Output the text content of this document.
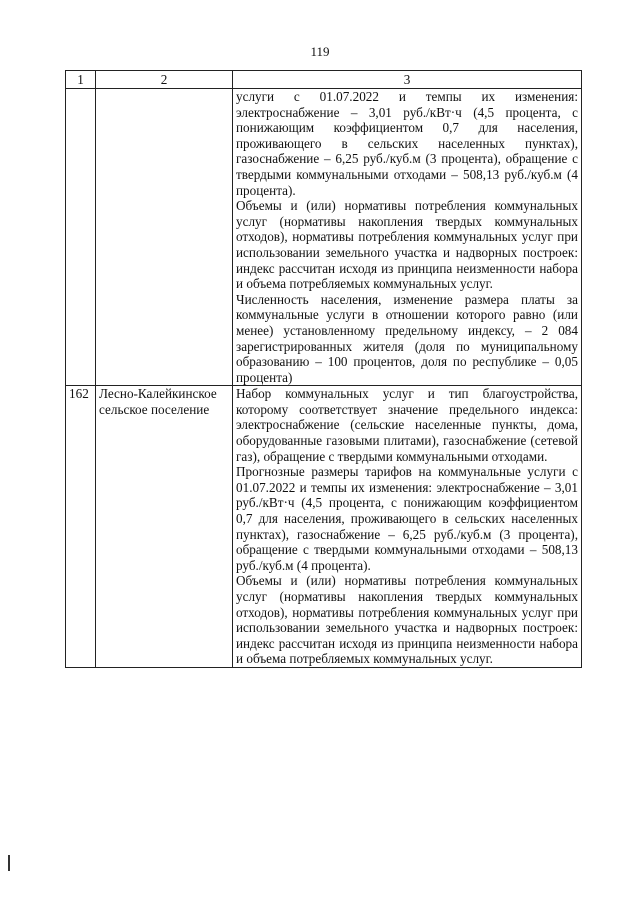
119
1	2	3

		услуги с 01.07.2022 и темпы их изменения: электроснабжение – 3,01 руб./кВт·ч (4,5 процента, с понижающим коэффициентом 0,7 для населения, проживающего в сельских населенных пунктах), газоснабжение – 6,25 руб./куб.м (3 процента), обращение с твердыми коммунальными отходами – 508,13 руб./куб.м (4 процента).

Объемы и (или) нормативы потребления коммунальных услуг (нормативы накопления твердых коммунальных отходов), нормативы потребления коммунальных услуг при использовании земельного участка и надворных построек: индекс рассчитан исходя из принципа неизменности набора и объема потребляемых коммунальных услуг.

Численность населения, изменение размера платы за коммунальные услуги в отношении которого равно (или менее) установленному предельному индексу, – 2 084 зарегистрированных жителя (доля по муниципальному образованию – 100 процентов, доля по республике – 0,05 процента)

162	Лесно-Калейкинское сельское поселение	Набор коммунальных услуг и тип благоустройства, которому соответствует значение предельного индекса: электроснабжение (сельские населенные пункты, дома, оборудованные газовыми плитами), газоснабжение (сетевой газ), обращение с твердыми коммунальными отходами.

Прогнозные размеры тарифов на коммунальные услуги с 01.07.2022 и темпы их изменения: электроснабжение – 3,01 руб./кВт·ч (4,5 процента, с понижающим коэффициентом 0,7 для населения, проживающего в сельских населенных пунктах), газоснабжение – 6,25 руб./куб.м (3 процента), обращение с твердыми коммунальными отходами – 508,13 руб./куб.м (4 процента).

Объемы и (или) нормативы потребления коммунальных услуг (нормативы накопления твердых коммунальных отходов), нормативы потребления коммунальных услуг при использовании земельного участка и надворных построек: индекс рассчитан исходя из принципа неизменности набора и объема потребляемых коммунальных услуг.
